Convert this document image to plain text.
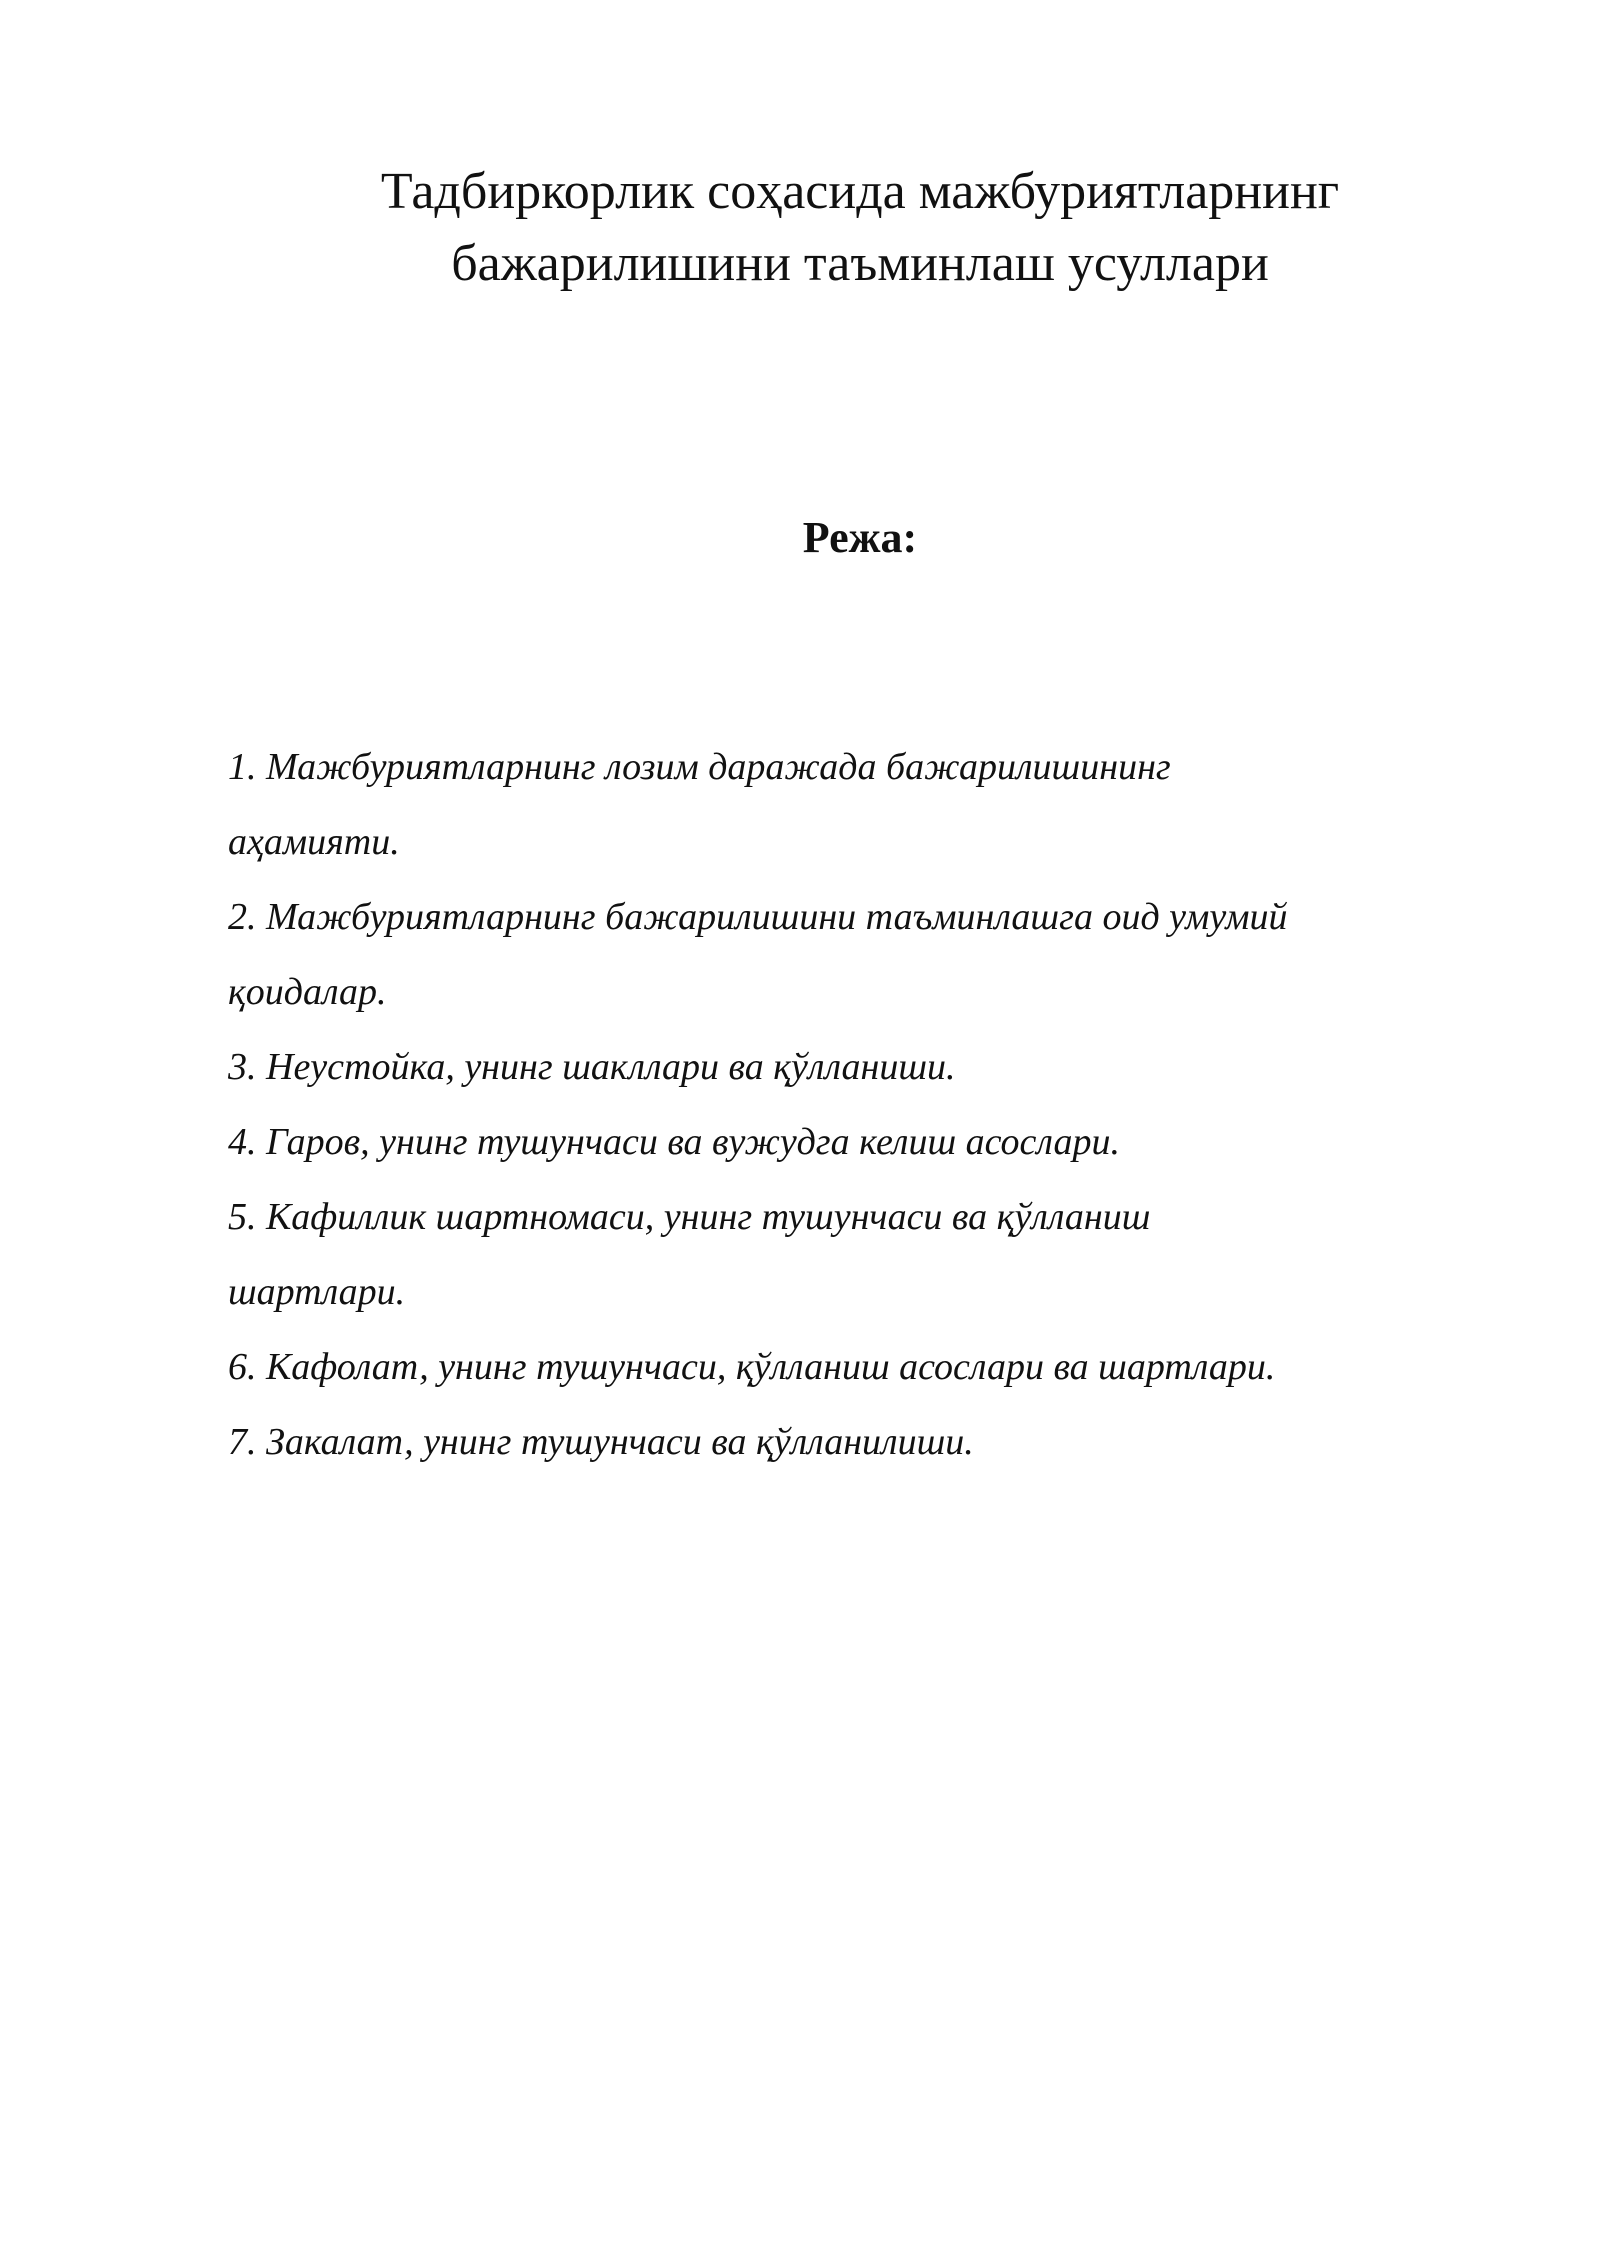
Тадбиркорлик соҳасида мажбуриятларнинг
бажарилишини таъминлаш усуллари
Режа:
1. Мажбуриятларнинг лозим даражада бажарилишининг
аҳамияти.
2. Мажбуриятларнинг бажарилишини таъминлашга оид умумий
қоидалар.
3. Неустойка, унинг шакллари ва қўлланиши.
4. Гаров, унинг тушунчаси ва вужудга келиш асослари.
5. Кафиллик шартномаси, унинг тушунчаси ва қўлланиш
шартлари.
6. Кафолат, унинг тушунчаси, қўлланиш асослари ва шартлари.
7. Закалат, унинг тушунчаси ва қўлланилиши.
